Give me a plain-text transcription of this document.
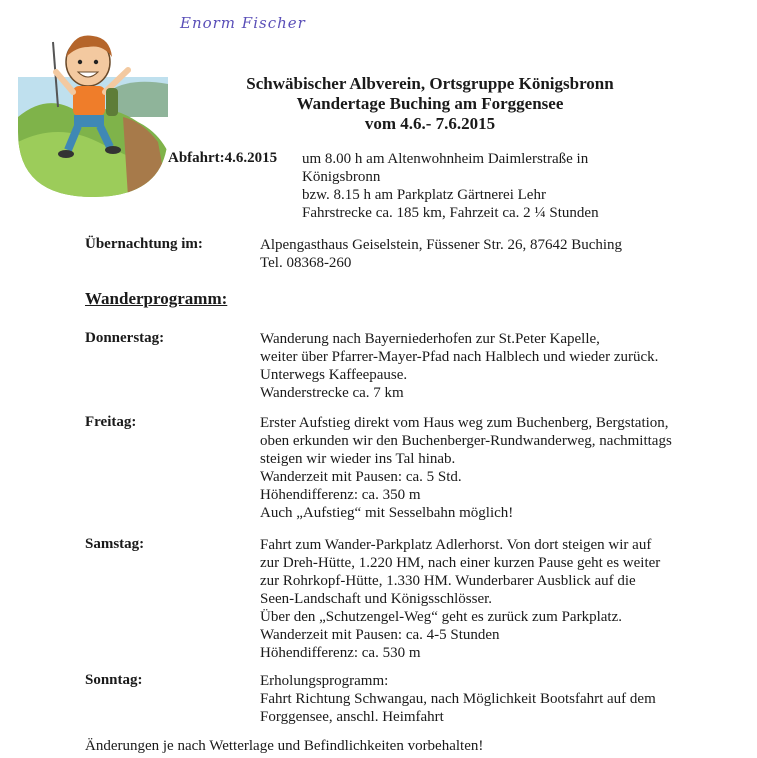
Enorm Fischer
Schwäbischer Albverein, Ortsgruppe Königsbronn
Wandertage Buching am Forggensee
vom 4.6.- 7.6.2015
Abfahrt:4.6.2015 um 8.00 h am Altenwohnheim Daimlerstraße in
Königsbronn
bzw. 8.15 h am Parkplatz Gärtnerei Lehr
Fahrstrecke ca. 185 km, Fahrzeit ca. 2 ¼ Stunden
Übernachtung im:	Alpengasthaus Geiselstein, Füssener Str. 26, 87642 Buching
Tel. 08368-260
Wanderprogramm:
Donnerstag:	Wanderung nach Bayerniederhofen zur St.Peter Kapelle,
weiter über Pfarrer-Mayer-Pfad nach Halblech und wieder zurück.
Unterwegs Kaffeepause.
Wanderstrecke ca. 7 km
Freitag:	Erster Aufstieg direkt vom Haus weg zum Buchenberg, Bergstation,
oben erkunden wir den Buchenberger-Rundwanderweg, nachmittags
steigen wir wieder ins Tal hinab.
Wanderzeit mit Pausen: ca. 5 Std.
Höhendifferenz: ca. 350 m
Auch „Aufstieg“ mit Sesselbahn möglich!
Samstag:	Fahrt zum Wander-Parkplatz Adlerhorst. Von dort steigen wir auf
zur Dreh-Hütte, 1.220 HM, nach einer kurzen Pause geht es weiter
zur Rohrkopf-Hütte, 1.330 HM. Wunderbarer Ausblick auf die
Seen-Landschaft und Königsschlösser.
Über den „Schutzengel-Weg“ geht es zurück zum Parkplatz.
Wanderzeit mit Pausen: ca. 4-5 Stunden
Höhendifferenz: ca. 530 m
Sonntag:	Erholungsprogramm:
Fahrt Richtung Schwangau, nach Möglichkeit Bootsfahrt auf dem
Forggensee, anschl. Heimfahrt
Änderungen je nach Wetterlage und Befindlichkeiten vorbehalten!
